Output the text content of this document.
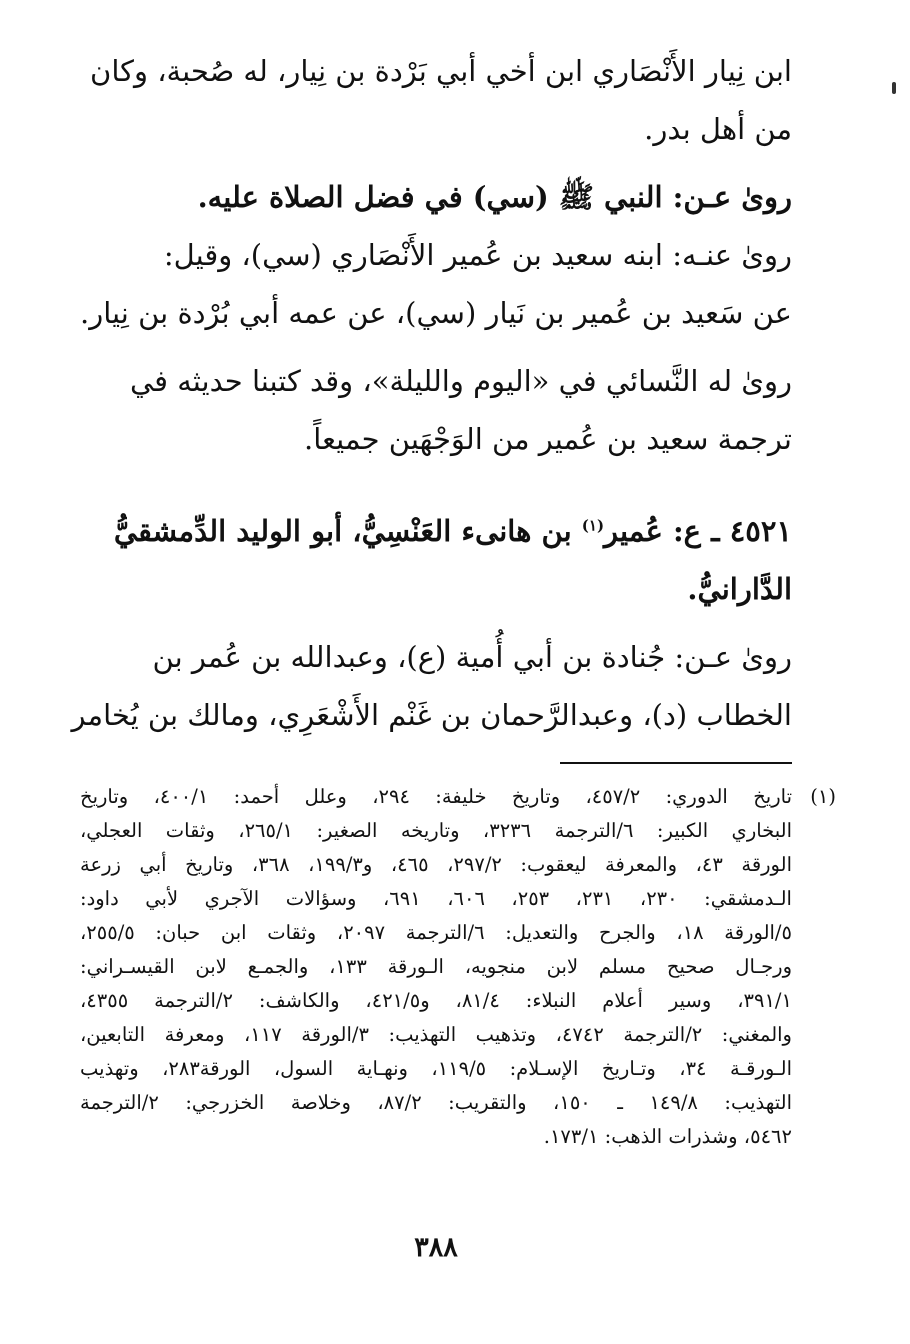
ابن نِيار الأَنْصَاري ابن أخي أبي بَرْدة بن نِيار، له صُحبة، وكان
من أهل بدر.
رویٰ عـن: النبي ﷺ (سي) في فضل الصلاة عليه.
رویٰ عنـه: ابنه سعيد بن عُمير الأَنْصَاري (سي)، وقيل:
عن سَعيد بن عُمير بن نَيار (سي)، عن عمه أبي بُرْدة بن نِيار.
رویٰ له النَّسائي في «اليوم والليلة»، وقد كتبنا حديثه في
ترجمة سعيد بن عُمير من الوَجْهَين جميعاً.
٤٥٢١ ـ ع: عُمير$^{(١)}$ بن هانىء العَنْسِيُّ، أبو الوليد الدِّمشقيُّ
الدَّارانيُّ.
رویٰ عـن: جُنادة بن أبي أُمية (ع)، وعبدالله بن عُمر بن
الخطاب (د)، وعبدالرَّحمان بن غَنْم الأَشْعَرِي، ومالك بن يُخامر
(١)
تاريخ الدوري: ٤٥٧/٢، وتاريخ خليفة: ٢٩٤، وعلل أحمد: ٤٠٠/١، وتاريخ
البخاري الكبير: ٦/الترجمة ٣٢٣٦، وتاريخه الصغير: ٢٦٥/١، وثقات العجلي،
الورقة ٤٣، والمعرفة ليعقوب: ٢٩٧/٢، ٤٦٥، و١٩٩/٣، ٣٦٨، وتاريخ أبي زرعة
الـدمشقي: ٢٣٠، ٢٣١، ٢٥٣، ٦٠٦، ٦٩١، وسؤالات الآجري لأبي داود:
٥/الورقة ١٨، والجرح والتعديل: ٦/الترجمة ٢٠٩٧، وثقات ابن حبان: ٢٥٥/٥،
ورجـال صحيح مسلم لابن منجويه، الـورقة ١٣٣، والجمـع لابن القيسـراني:
٣٩١/١، وسير أعلام النبلاء: ٨١/٤، و٤٢١/٥، والكاشف: ٢/الترجمة ٤٣٥٥،
والمغني: ٢/الترجمة ٤٧٤٢، وتذهيب التهذيب: ٣/الورقة ١١٧، ومعرفة التابعين،
الـورقـة ٣٤، وتـاريخ الإسـلام: ١١٩/٥، ونهـاية السول، الورقة٢٨٣، وتهذيب
التهذيب: ١٤٩/٨ ـ ١٥٠، والتقريب: ٨٧/٢، وخلاصة الخزرجي: ٢/الترجمة
٥٤٦٢، وشذرات الذهب: ١٧٣/١.
٣٨٨
